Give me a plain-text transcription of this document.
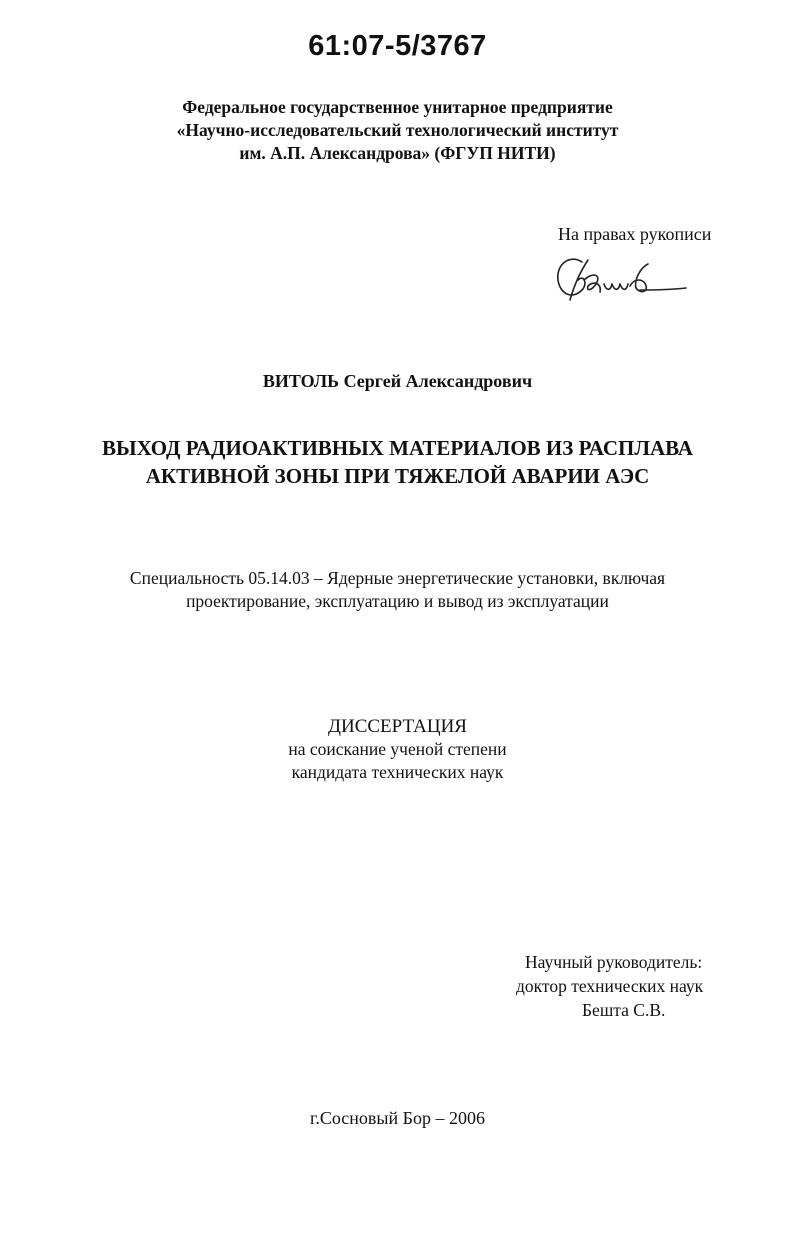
61:07-5/3767
Федеральное государственное унитарное предприятие
«Научно-исследовательский технологический институт
им. А.П. Александрова» (ФГУП НИТИ)
На правах рукописи
ВИТОЛЬ Сергей Александрович
ВЫХОД РАДИОАКТИВНЫХ МАТЕРИАЛОВ ИЗ РАСПЛАВА
АКТИВНОЙ ЗОНЫ ПРИ ТЯЖЕЛОЙ АВАРИИ АЭС
Специальность 05.14.03 – Ядерные энергетические установки, включая
проектирование, эксплуатацию и вывод из эксплуатации
ДИССЕРТАЦИЯ
на соискание ученой степени
кандидата технических наук
Научный руководитель:
доктор технических наук
Бешта С.В.
г.Сосновый Бор – 2006
